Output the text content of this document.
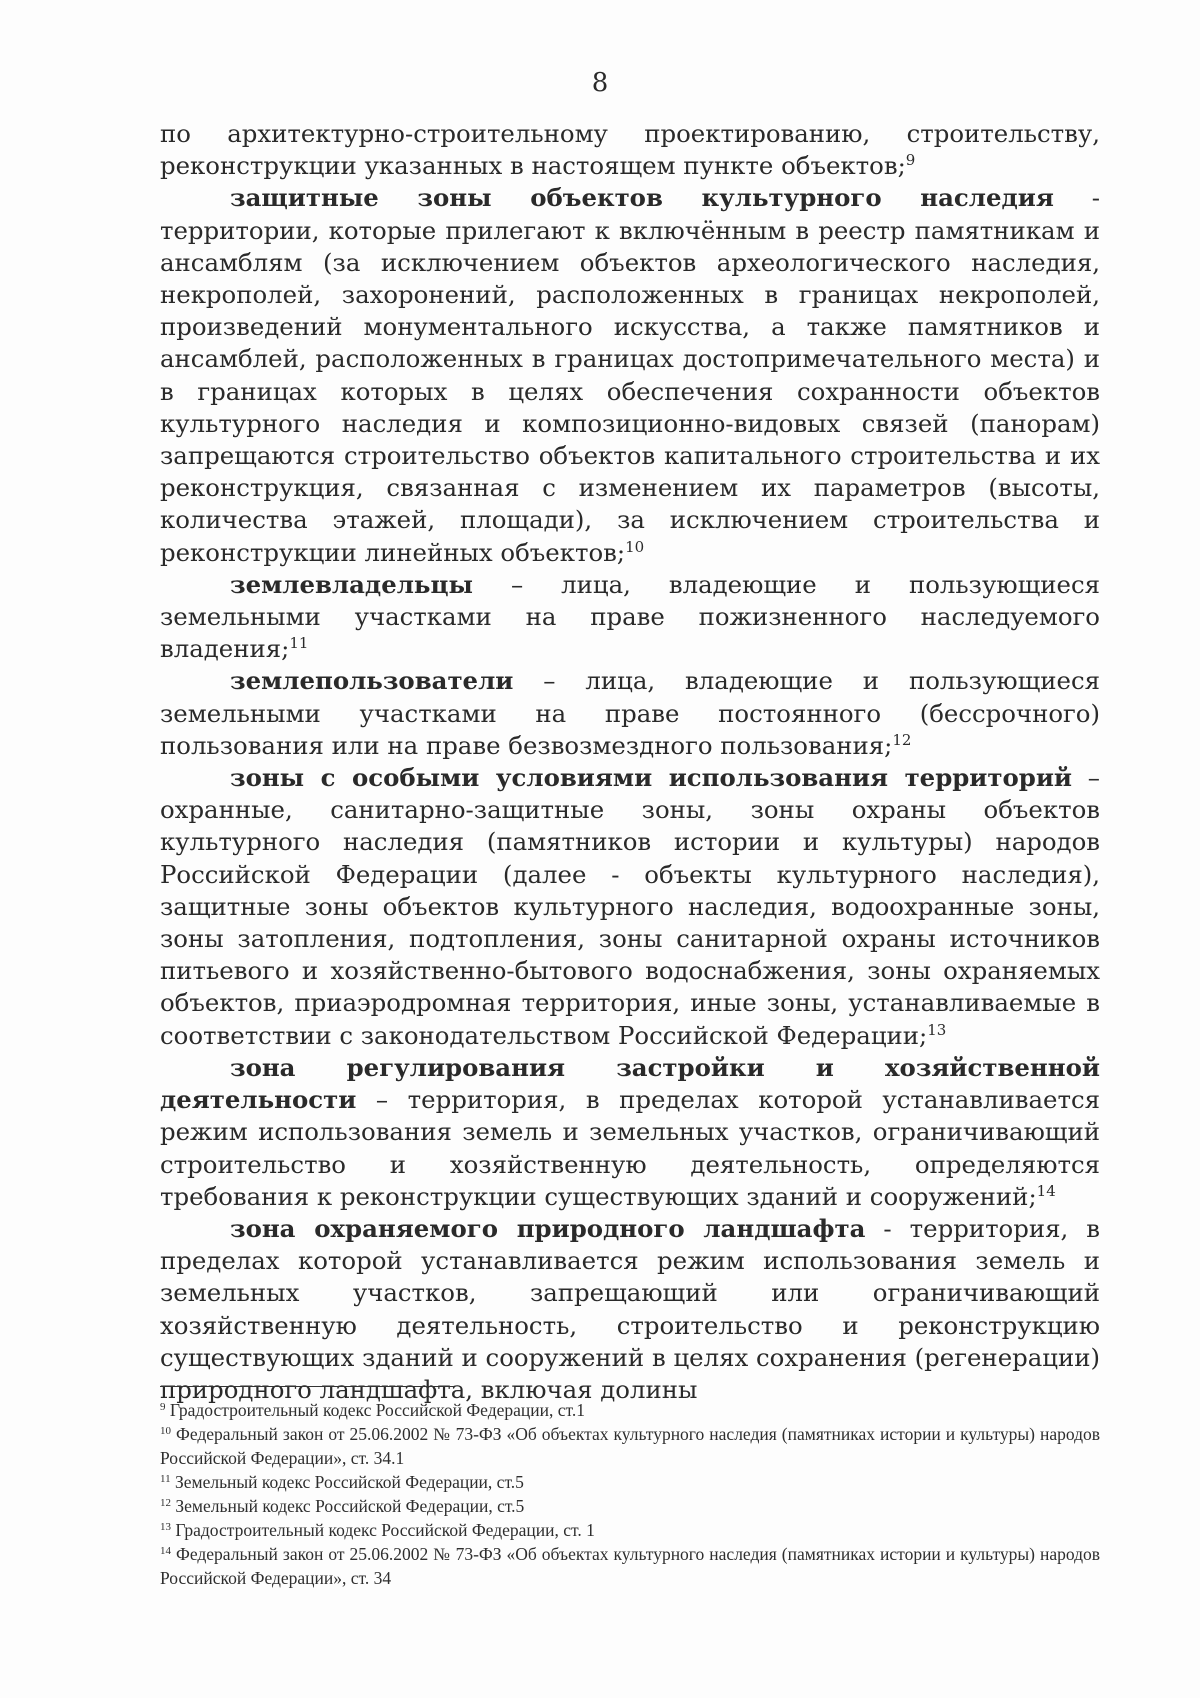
8

по архитектурно-строительному проектированию, строительству, реконструкции указанных в настоящем пункте объектов;$^9$

защитные зоны объектов культурного наследия - территории, которые прилегают к включённым в реестр памятникам и ансамблям (за исключением объектов археологического наследия, некрополей, захоронений, расположенных в границах некрополей, произведений монументального искусства, а также памятников и ансамблей, расположенных в границах достопримечательного места) и в границах которых в целях обеспечения сохранности объектов культурного наследия и композиционно-видовых связей (панорам) запрещаются строительство объектов капитального строительства и их реконструкция, связанная с изменением их параметров (высоты, количества этажей, площади), за исключением строительства и реконструкции линейных объектов;$^{10}$

землевладельцы – лица, владеющие и пользующиеся земельными участками на праве пожизненного наследуемого владения;$^{11}$

землепользователи – лица, владеющие и пользующиеся земельными участками на праве постоянного (бессрочного) пользования или на праве безвозмездного пользования;$^{12}$

зоны с особыми условиями использования территорий – охранные, санитарно-защитные зоны, зоны охраны объектов культурного наследия (памятников истории и культуры) народов Российской Федерации (далее - объекты культурного наследия), защитные зоны объектов культурного наследия, водоохранные зоны, зоны затопления, подтопления, зоны санитарной охраны источников питьевого и хозяйственно-бытового водоснабжения, зоны охраняемых объектов, приаэродромная территория, иные зоны, устанавливаемые в соответствии с законодательством Российской Федерации;$^{13}$

зона регулирования застройки и хозяйственной деятельности – территория, в пределах которой устанавливается режим использования земель и земельных участков, ограничивающий строительство и хозяйственную деятельность, определяются требования к реконструкции существующих зданий и сооружений;$^{14}$

зона охраняемого природного ландшафта - территория, в пределах которой устанавливается режим использования земель и земельных участков, запрещающий или ограничивающий хозяйственную деятельность, строительство и реконструкцию существующих зданий и сооружений в целях сохранения (регенерации) природного ландшафта, включая долины

$^9$ Градостроительный кодекс Российской Федерации, ст.1

$^{10}$ Федеральный закон от 25.06.2002 № 73-ФЗ «Об объектах культурного наследия (памятниках истории и культуры) народов Российской Федерации», ст. 34.1

$^{11}$ Земельный кодекс Российской Федерации, ст.5

$^{12}$ Земельный кодекс Российской Федерации, ст.5

$^{13}$ Градостроительный кодекс Российской Федерации, ст. 1

$^{14}$ Федеральный закон от 25.06.2002 № 73-ФЗ «Об объектах культурного наследия (памятниках истории и культуры) народов Российской Федерации», ст. 34
